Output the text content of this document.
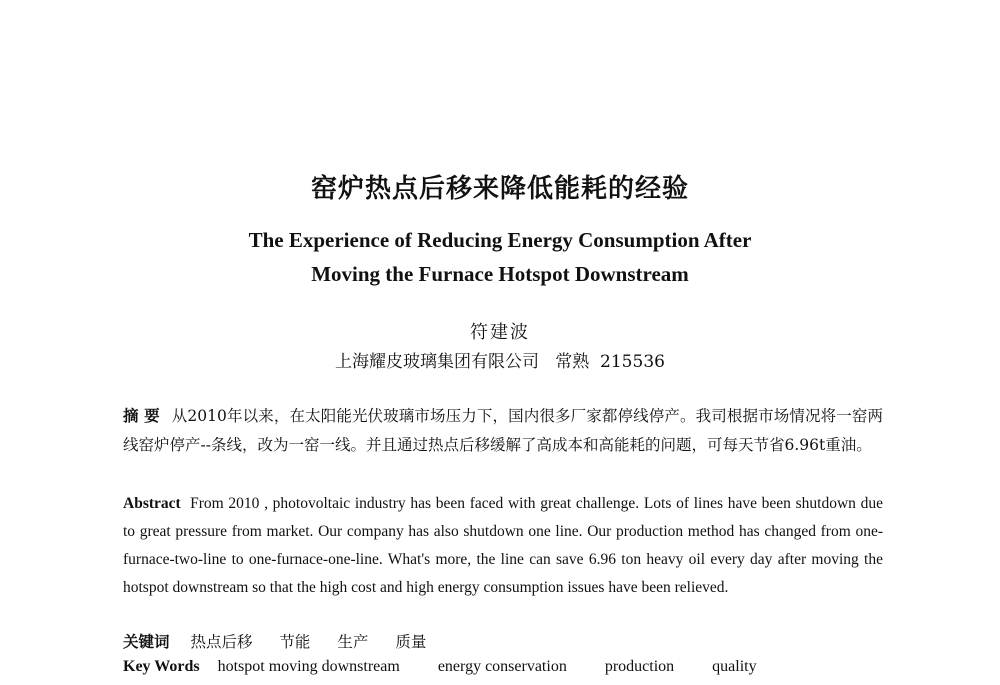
窑炉热点后移来降低能耗的经验
The Experience of Reducing Energy Consumption After
Moving the Furnace Hotspot Downstream
符建波
上海耀皮玻璃集团有限公司   常熟  215536
摘 要 从2010年以来，在太阳能光伏玻璃市场压力下，国内很多厂家都停线停产。我司根据市场情况将一窑两线窑炉停产--条线，改为一窑一线。并且通过热点后移缓解了高成本和高能耗的问题，可每天节省6.96t重油。
Abstract From 2010 , photovoltaic industry has been faced with great challenge. Lots of lines have been shutdown due to great pressure from market. Our company has also shutdown one line. Our production method has changed from one-furnace-two-line to one-furnace-one-line. What's more, the line can save 6.96 ton heavy oil every day after moving the hotspot downstream so that the high cost and high energy consumption issues have been relieved.
关键词 热点后移 节能 生产 质量
Key Words hotspot moving downstream energy conservation production quality
